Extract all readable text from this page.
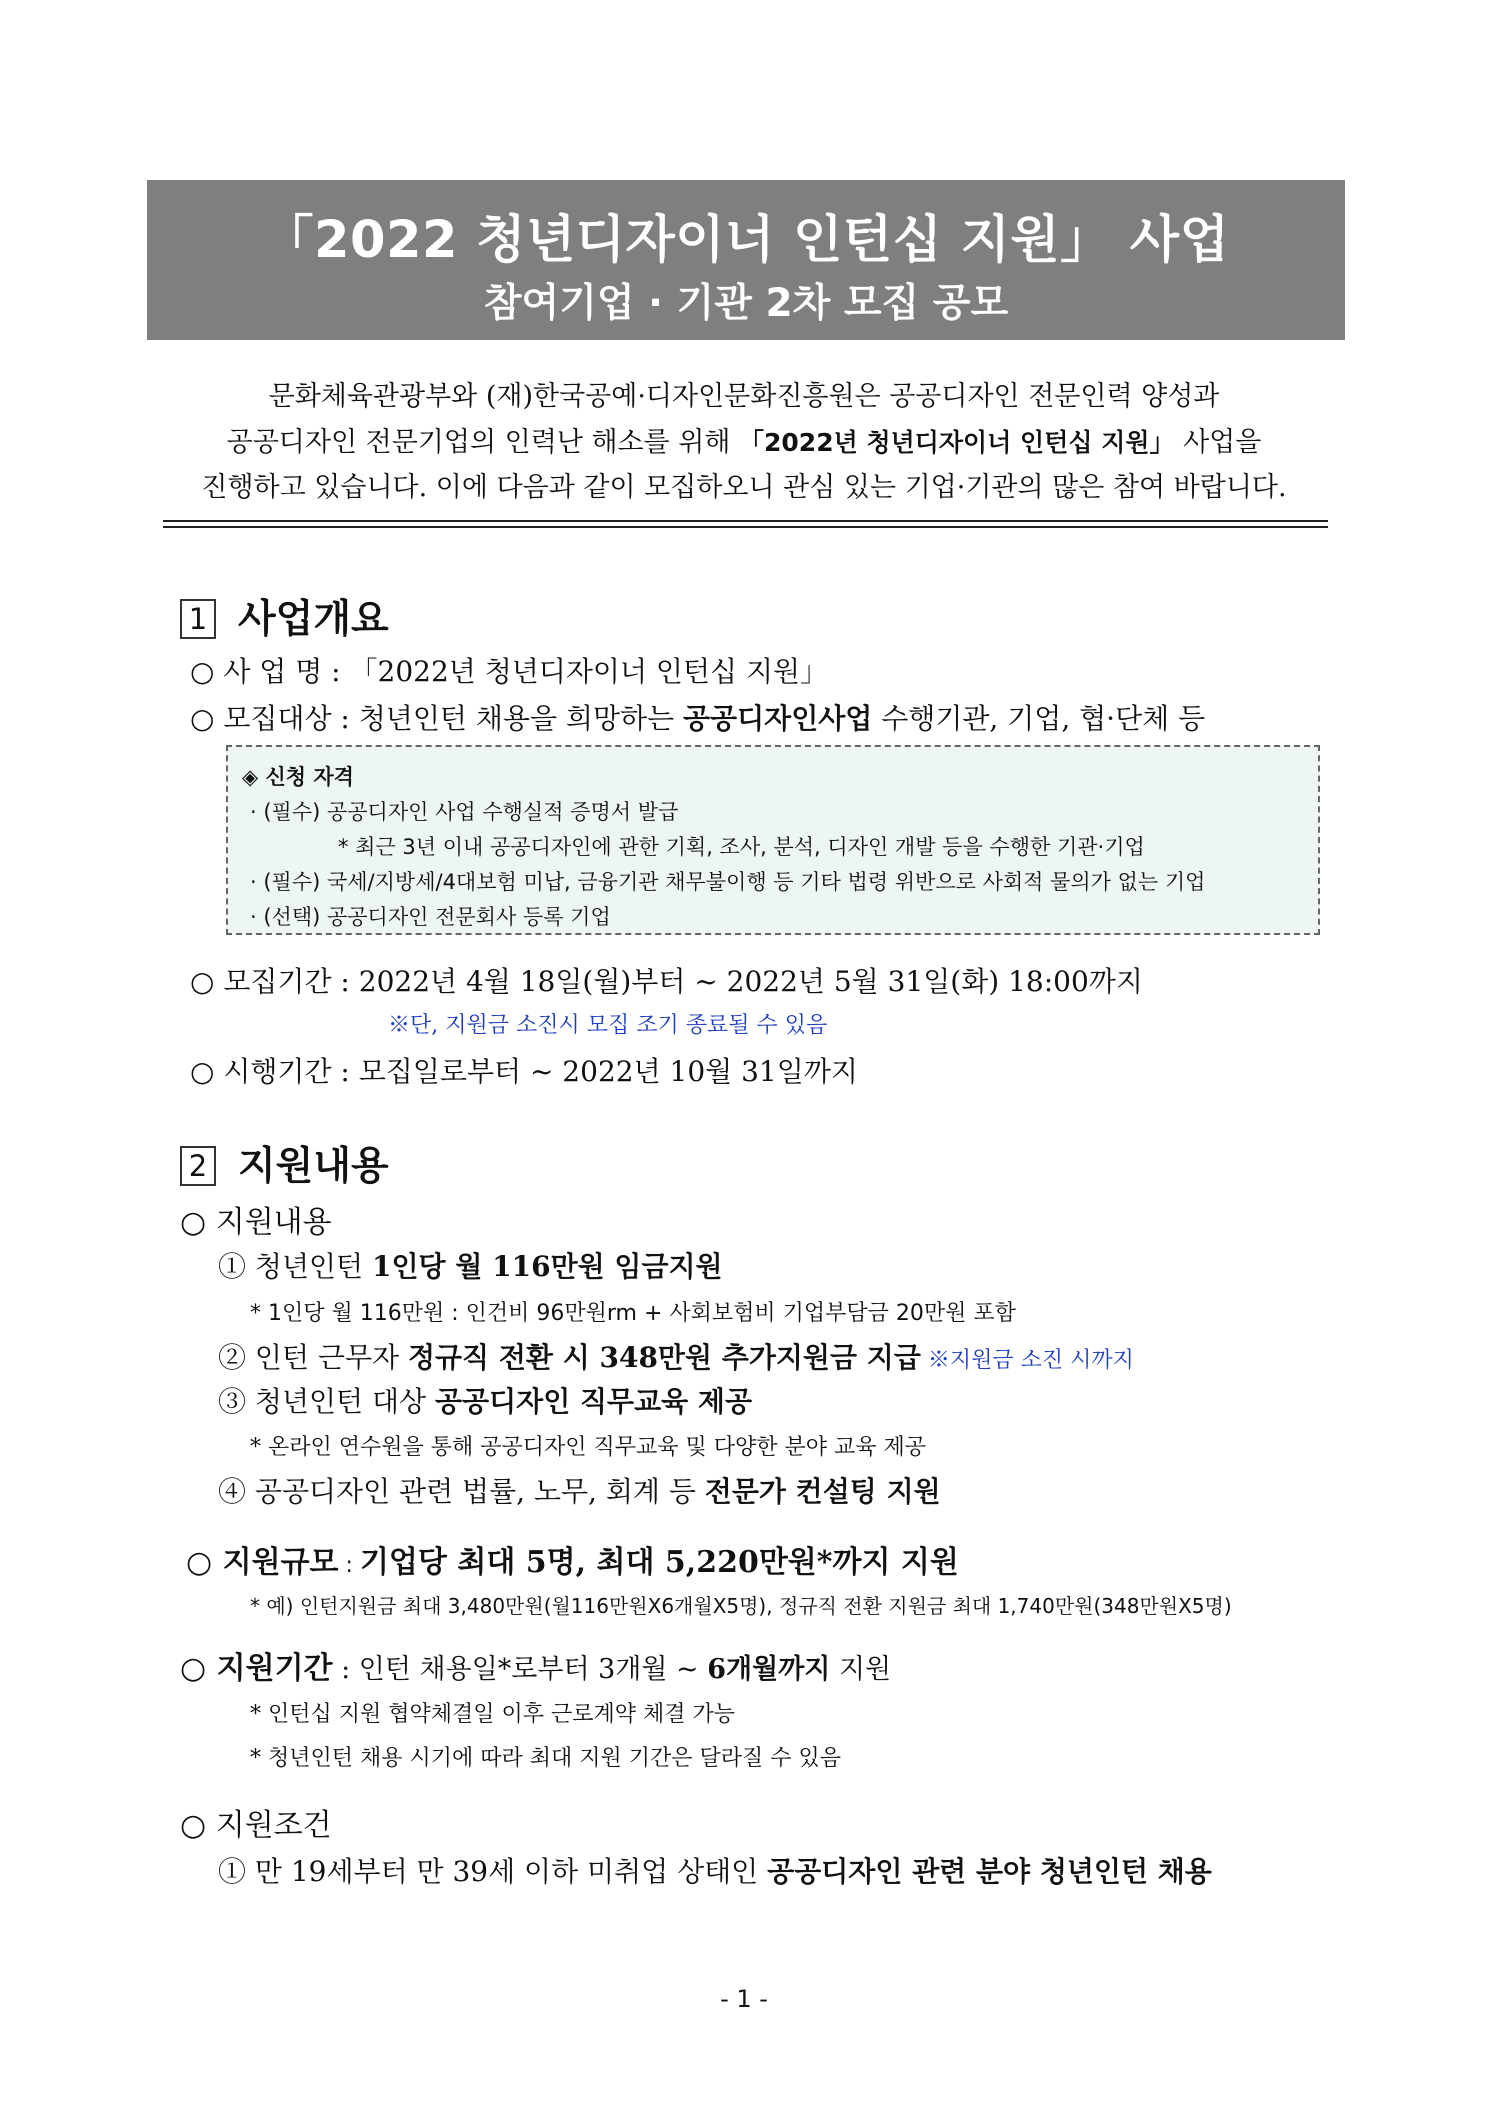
「2022 청년디자이너 인턴십 지원」 사업
참여기업 · 기관 2차 모집 공모
문화체육관광부와 (재)한국공예·디자인문화진흥원은 공공디자인 전문인력 양성과
공공디자인 전문기업의 인력난 해소를 위해 「2022년 청년디자이너 인턴십 지원」 사업을
진행하고 있습니다. 이에 다음과 같이 모집하오니 관심 있는 기업·기관의 많은 참여 바랍니다.
1 사업개요
○ 사 업 명 : 「2022년 청년디자이너 인턴십 지원」
○ 모집대상 : 청년인턴 채용을 희망하는 공공디자인사업 수행기관, 기업, 협·단체 등
◈ 신청 자격
· (필수) 공공디자인 사업 수행실적 증명서 발급
* 최근 3년 이내 공공디자인에 관한 기획, 조사, 분석, 디자인 개발 등을 수행한 기관·기업
· (필수) 국세/지방세/4대보험 미납, 금융기관 채무불이행 등 기타 법령 위반으로 사회적 물의가 없는 기업
· (선택) 공공디자인 전문회사 등록 기업
○ 모집기간 : 2022년 4월 18일(월)부터 ~ 2022년 5월 31일(화) 18:00까지
※단, 지원금 소진시 모집 조기 종료될 수 있음
○ 시행기간 : 모집일로부터 ~ 2022년 10월 31일까지
2 지원내용
○ 지원내용
① 청년인턴 1인당 월 116만원 임금지원
* 1인당 월 116만원 : 인건비 96만원rm + 사회보험비 기업부담금 20만원 포함
② 인턴 근무자 정규직 전환 시 348만원 추가지원금 지급 ※지원금 소진 시까지
③ 청년인턴 대상 공공디자인 직무교육 제공
* 온라인 연수원을 통해 공공디자인 직무교육 및 다양한 분야 교육 제공
④ 공공디자인 관련 법률, 노무, 회계 등 전문가 컨설팅 지원
○ 지원규모 : 기업당 최대 5명, 최대 5,220만원*까지 지원
* 예) 인턴지원금 최대 3,480만원(월116만원X6개월X5명), 정규직 전환 지원금 최대 1,740만원(348만원X5명)
○ 지원기간 : 인턴 채용일*로부터 3개월 ~ 6개월까지 지원
* 인턴십 지원 협약체결일 이후 근로계약 체결 가능
* 청년인턴 채용 시기에 따라 최대 지원 기간은 달라질 수 있음
○ 지원조건
① 만 19세부터 만 39세 이하 미취업 상태인 공공디자인 관련 분야 청년인턴 채용
- 1 -
